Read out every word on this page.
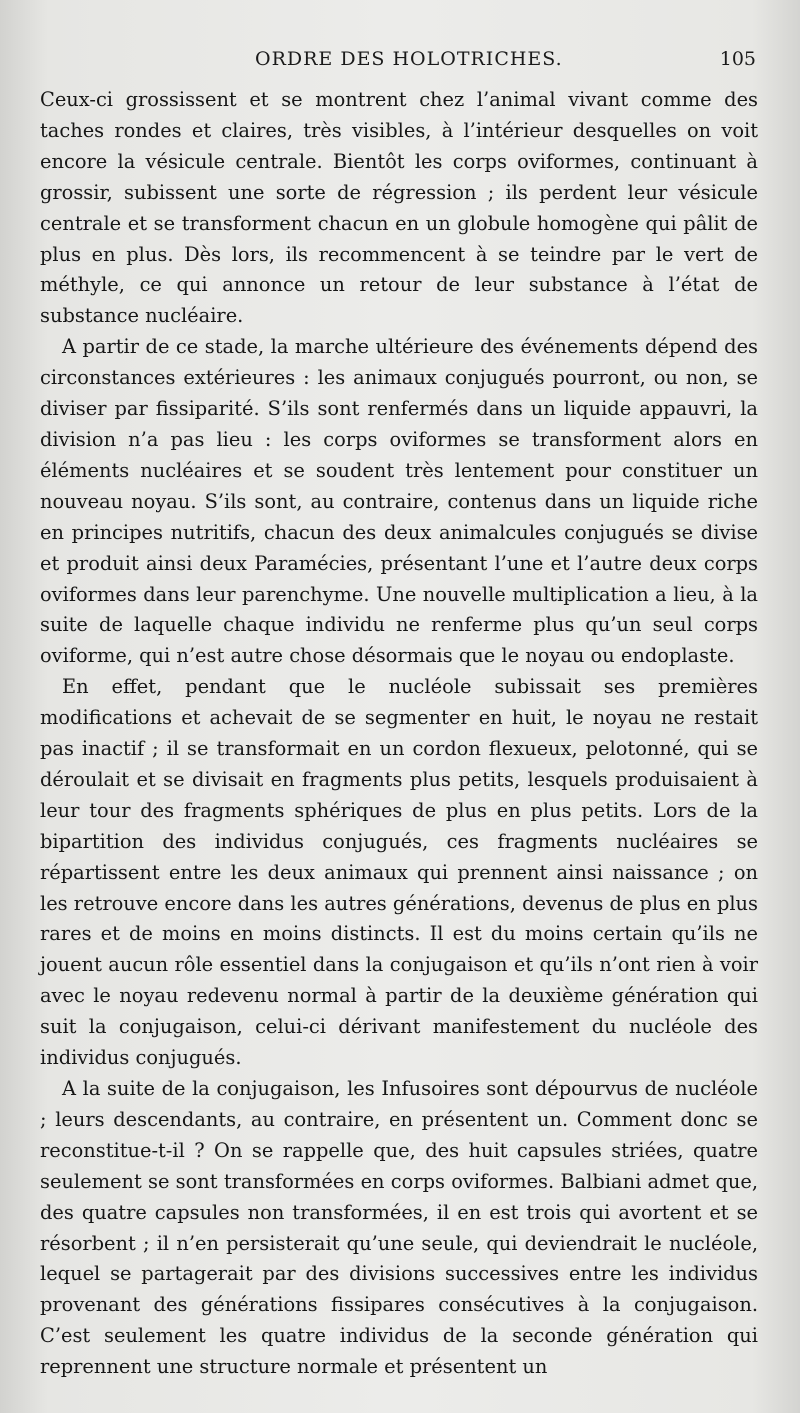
ORDRE DES HOLOTRICHES.	105

Ceux-ci grossissent et se montrent chez l’animal vivant comme des taches rondes et claires, très visibles, à l’intérieur desquelles on voit encore la vésicule centrale. Bientôt les corps oviformes, continuant à grossir, subissent une sorte de régression ; ils perdent leur vésicule centrale et se transforment chacun en un globule homogène qui pâlit de plus en plus. Dès lors, ils recommencent à se teindre par le vert de méthyle, ce qui annonce un retour de leur substance à l’état de substance nucléaire.

A partir de ce stade, la marche ultérieure des événements dépend des circonstances extérieures : les animaux conjugués pourront, ou non, se diviser par fissiparité. S’ils sont renfermés dans un liquide appauvri, la division n’a pas lieu : les corps oviformes se transforment alors en éléments nucléaires et se soudent très lentement pour constituer un nouveau noyau. S’ils sont, au contraire, contenus dans un liquide riche en principes nutritifs, chacun des deux animalcules conjugués se divise et produit ainsi deux Paramécies, présentant l’une et l’autre deux corps oviformes dans leur parenchyme. Une nouvelle multiplication a lieu, à la suite de laquelle chaque individu ne renferme plus qu’un seul corps oviforme, qui n’est autre chose désormais que le noyau ou endoplaste.

En effet, pendant que le nucléole subissait ses premières modifications et achevait de se segmenter en huit, le noyau ne restait pas inactif ; il se transformait en un cordon flexueux, pelotonné, qui se déroulait et se divisait en fragments plus petits, lesquels produisaient à leur tour des fragments sphériques de plus en plus petits. Lors de la bipartition des individus conjugués, ces fragments nucléaires se répartissent entre les deux animaux qui prennent ainsi naissance ; on les retrouve encore dans les autres générations, devenus de plus en plus rares et de moins en moins distincts. Il est du moins certain qu’ils ne jouent aucun rôle essentiel dans la conjugaison et qu’ils n’ont rien à voir avec le noyau redevenu normal à partir de la deuxième génération qui suit la conjugaison, celui-ci dérivant manifestement du nucléole des individus conjugués.

A la suite de la conjugaison, les Infusoires sont dépourvus de nucléole ; leurs descendants, au contraire, en présentent un. Comment donc se reconstitue-t-il ? On se rappelle que, des huit capsules striées, quatre seulement se sont transformées en corps oviformes. Balbiani admet que, des quatre capsules non transformées, il en est trois qui avortent et se résorbent ; il n’en persisterait qu’une seule, qui deviendrait le nucléole, lequel se partagerait par des divisions successives entre les individus provenant des générations fissipares consécutives à la conjugaison. C’est seulement les quatre individus de la seconde génération qui reprennent une structure normale et présentent un
